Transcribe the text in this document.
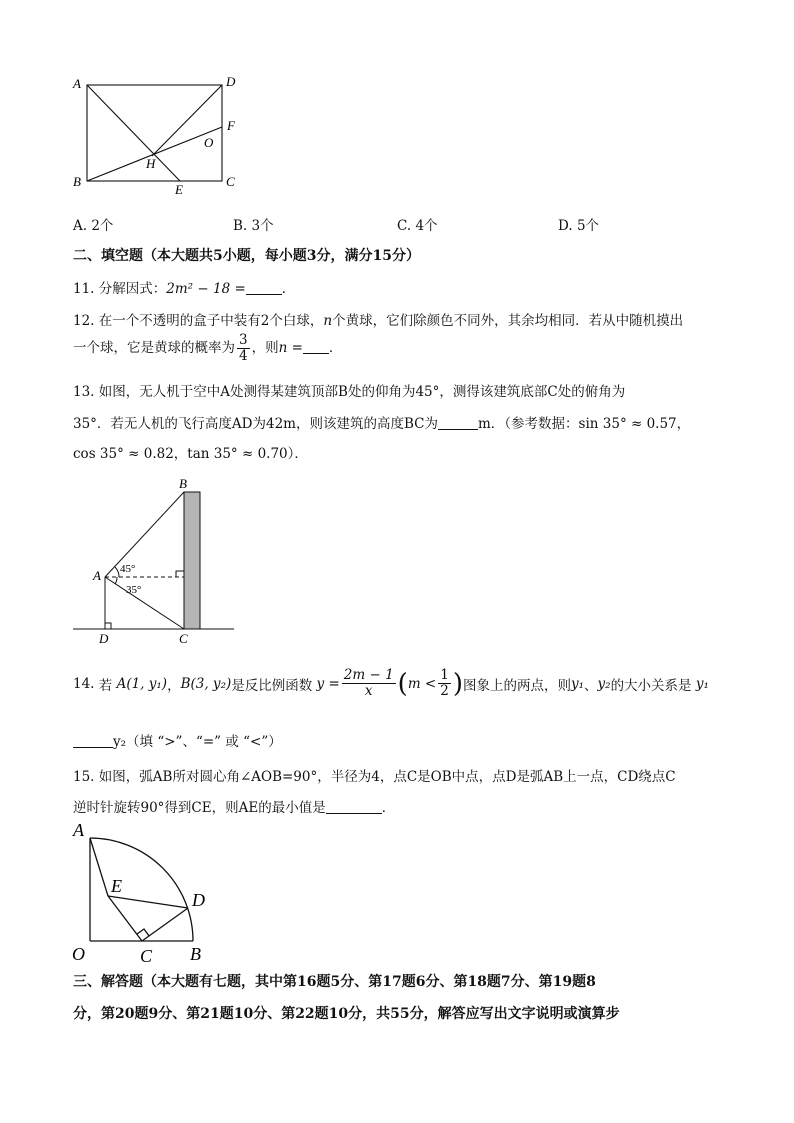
A	D
F
O
H
B
E
C
A. 2个	B. 3个	C. 4个	D. 5个
二、填空题（本大题共5小题，每小题3分，满分15分）
11. 分解因式：2m² − 18 =	．
12. 在一个不透明的盒子中装有2个白球，n个黄球，它们除颜色不同外，其余均相同．若从中随机摸出
一个球，它是黄球的概率为 $\frac{3}{4}$ ，则n = ．
13. 如图，无人机于空中A处测得某建筑顶部B处的仰角为45°，测得该建筑底部C处的俯角为
35°．若无人机的飞行高度AD为42m，则该建筑的高度BC为	m．（参考数据：sin 35° ≈ 0.57，
cos 35° ≈ 0.82，tan 35° ≈ 0.70）．
B
A
D	C
45°
35°
14.
若
A(1, y₁) ， B(3, y₂) 是反比例函数
$y = \frac{2m - 1}{x}$ ( $m < \frac{1}{2}$ ) 图象上的两点，则 y₁ 、 y₂ 的大小关系是
y₁
y₂（填 “>”、“=” 或 “<”）
15. 如图，弧AB所对圆心角∠AOB=90°，半径为4，点C是OB中点，点D是弧AB上一点，CD绕点C
逆时针旋转90°得到CE，则AE的最小值是	．
A
E
D
O	C B
三、解答题（本大题有七题，其中第16题5分、第17题6分、第18题7分、第19题8
分，第20题9分、第21题10分、第22题10分，共55分，解答应写出文字说明或演算步
